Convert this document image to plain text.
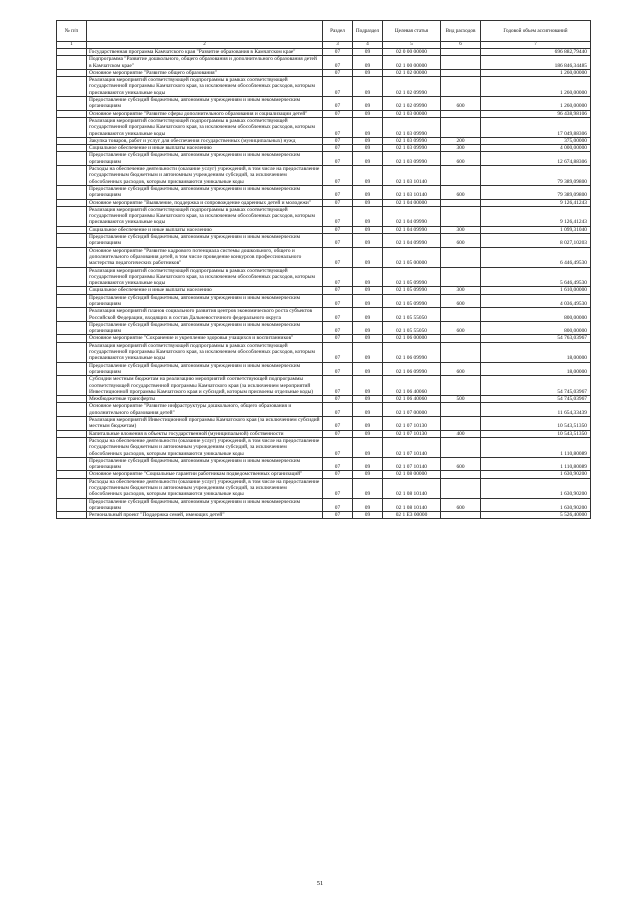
№ п/п		Раздел	Подраздел	Целевая статья	Вид расходов	Годовой объем ассигнований
1	2	3	4	5	6	7
	Государственная программа Камчатского края "Развитие образования в Камчатском крае"	07	09	02 0 00 00000		696 882,79440
	Подпрограмма "Развитие дошкольного, общего образования и дополнительного образования детей в Камчатском крае"	07	09	02 1 00 00000		186 846,34485
	Основное мероприятие "Развитие общего образования"	07	09	02 1 02 00000		1 260,00000
	Реализация мероприятий соответствующей подпрограммы в рамках соответствующей государственной программы Камчатского края, за исключением обособленных расходов, которым присваиваются уникальные коды	07	09	02 1 02 09990		1 260,00000
	Предоставление субсидий бюджетным, автономным учреждениям и иным некоммерческим организациям	07	09	02 1 02 09990	600	1 260,00000
	Основное мероприятие "Развитие сферы дополнительного образования и социализации детей"	07	09	02 1 03 00000		96 438,98106
	Реализация мероприятий соответствующей подпрограммы в рамках соответствующей государственной программы Камчатского края, за исключением обособленных расходов, которым присваиваются уникальные коды	07	09	02 1 03 09990		17 049,88306
	Закупка товаров, работ и услуг для обеспечения государственных (муниципальных) нужд	07	09	02 1 03 09990	200	375,00000
	Социальное обеспечение и иные выплаты населению	07	09	02 1 03 09990	300	4 000,00000
	Предоставление субсидий бюджетным, автономным учреждениям и иным некоммерческим организациям	07	09	02 1 03 09990	600	12 674,88306
	Расходы на обеспечение деятельности (оказание услуг) учреждений, в том числе на предоставление государственным бюджетным и автономным учреждениям субсидий, за исключением обособленных расходов, которым присваиваются уникальные коды	07	09	02 1 03 10140		79 389,09800
	Предоставление субсидий бюджетным, автономным учреждениям и иным некоммерческим организациям	07	09	02 1 03 10140	600	79 389,09800
	Основное мероприятие "Выявление, поддержка и сопровождение одаренных детей и молодежи"	07	09	02 1 04 00000		9 126,41243
	Реализация мероприятий соответствующей подпрограммы в рамках соответствующей государственной программы Камчатского края, за исключением обособленных расходов, которым присваиваются уникальные коды	07	09	02 1 04 09990		9 126,41243
	Социальное обеспечение и иные выплаты населению	07	09	02 1 04 09990	300	1 099,31040
	Предоставление субсидий бюджетным, автономным учреждениям и иным некоммерческим организациям	07	09	02 1 04 09990	600	8 027,10203
	Основное мероприятие "Развитие кадрового потенциала системы дошкольного, общего и дополнительного образования детей, в том числе проведение конкурсов профессионального мастерства педагогических работников"	07	09	02 1 05 00000		6 446,49530
	Реализация мероприятий соответствующей подпрограммы в рамках соответствующей государственной программы Камчатского края, за исключением обособленных расходов, которым присваиваются уникальные коды	07	09	02 1 05 09990		5 646,49530
	Социальное обеспечение и иные выплаты населению	07	09	02 1 05 09990	300	1 610,00000
	Предоставление субсидий бюджетным, автономным учреждениям и иным некоммерческим организациям	07	09	02 1 05 09990	600	4 036,49530
	Реализация мероприятий планов социального развития центров экономического роста субъектов Российской Федерации, входящих в состав Дальневосточного федерального округа	07	09	02 1 05 55050		800,00000
	Предоставление субсидий бюджетным, автономным учреждениям и иным некоммерческим организациям	07	09	02 1 05 55050	600	800,00000
	Основное мероприятие "Сохранение и укрепление здоровья учащихся и воспитанников"	07	09	02 1 06 00000		54 763,03967
	Реализация мероприятий соответствующей подпрограммы в рамках соответствующей государственной программы Камчатского края, за исключением обособленных расходов, которым присваиваются уникальные коды	07	09	02 1 06 09990		18,00000
	Предоставление субсидий бюджетным, автономным учреждениям и иным некоммерческим организациям	07	09	02 1 06 09990	600	18,00000
	Субсидии местным бюджетам на реализацию мероприятий соответствующей подпрограммы соответствующей государственной программы Камчатского края (за исключением мероприятий Инвестиционной программы Камчатского края и субсидий, которым присвоены отдельные коды)	07	09	02 1 06 40060		54 745,03967
	Межбюджетные трансферты	07	09	02 1 06 40060	500	54 745,03967
	Основное мероприятие "Развитие инфраструктуры дошкольного, общего образования и дополнительного образования детей"	07	09	02 1 07 00000		11 654,33439
	Реализация мероприятий Инвестиционной программы Камчатского края (за исключением субсидий местным бюджетам)	07	09	02 1 07 10130		10 543,51350
	Капитальные вложения в объекты государственной (муниципальной) собственности	07	09	02 1 07 10130	400	10 543,51350
	Расходы на обеспечение деятельности (оказание услуг) учреждений, в том числе на предоставление государственным бюджетным и автономным учреждениям субсидий, за исключением обособленных расходов, которым присваиваются уникальные коды	07	09	02 1 07 10140		1 110,80089
	Предоставление субсидий бюджетным, автономным учреждениям и иным некоммерческим организациям	07	09	02 1 07 10140	600	1 110,80089
	Основное мероприятие "Социальные гарантии работникам подведомственных организаций"	07	09	02 1 08 00000		1 630,90200
	Расходы на обеспечение деятельности (оказание услуг) учреждений, в том числе на предоставление государственным бюджетным и автономным учреждениям субсидий, за исключением обособленных расходов, которым присваиваются уникальные коды	07	09	02 1 08 10140		1 630,90200
	Предоставление субсидий бюджетным, автономным учреждениям и иным некоммерческим организациям	07	09	02 1 08 10140	600	1 630,90200
	Региональный проект "Поддержка семей, имеющих детей"	07	09	02 1 E3 00000		5 526,40000
51
